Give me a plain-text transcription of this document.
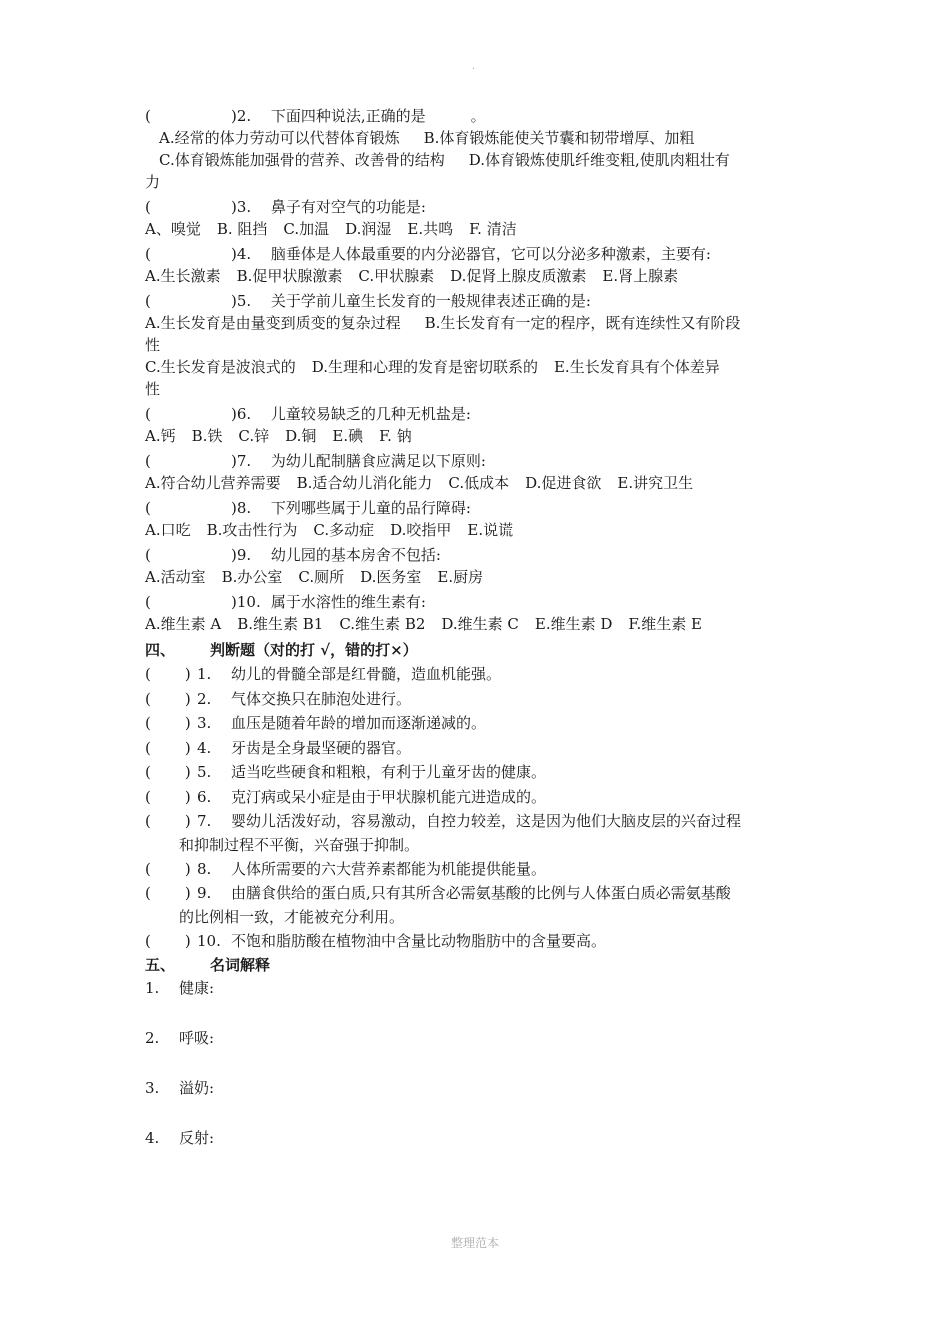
.
(	)2. 下面四种说法,正确的是　　　。
A.经常的体力劳动可以代替体育锻炼 B.体育锻炼能使关节囊和韧带增厚、加粗
C.体育锻炼能加强骨的营养、改善骨的结构 D.体育锻炼使肌纤维变粗,使肌肉粗壮有
力
(	)3. 鼻子有对空气的功能是:
A、嗅觉 B. 阻挡 C.加温 D.润湿 E.共鸣 F. 清洁
(	)4. 脑垂体是人体最重要的内分泌器官，它可以分泌多种激素，主要有:
A.生长激素 B.促甲状腺激素 C.甲状腺素 D.促肾上腺皮质激素 E.肾上腺素
(	)5. 关于学前儿童生长发育的一般规律表述正确的是:
A.生长发育是由量变到质变的复杂过程 B.生长发育有一定的程序，既有连续性又有阶段
性
C.生长发育是波浪式的 D.生理和心理的发育是密切联系的 E.生长发育具有个体差异
性
(	)6. 儿童较易缺乏的几种无机盐是:
A.钙 B.铁 C.锌 D.铜 E.碘 F. 钠
(	)7. 为幼儿配制膳食应满足以下原则:
A.符合幼儿营养需要 B.适合幼儿消化能力 C.低成本 D.促进食欲 E.讲究卫生
(	)8. 下列哪些属于儿童的品行障碍:
A.口吃 B.攻击性行为 C.多动症 D.咬指甲 E.说谎
(	)9. 幼儿园的基本房舍不包括:
A.活动室 B.办公室 C.厕所 D.医务室 E.厨房
(	)10. 属于水溶性的维生素有:
A.维生素 A B.维生素 B1 C.维生素 B2 D.维生素 C E.维生素 D F.维生素 E
四、 判断题（对的打 √，错的打×）
( ) 1. 幼儿的骨髓全部是红骨髓，造血机能强。
( ) 2. 气体交换只在肺泡处进行。
( ) 3. 血压是随着年龄的增加而逐渐递减的。
( ) 4. 牙齿是全身最坚硬的器官。
( ) 5. 适当吃些硬食和粗粮，有利于儿童牙齿的健康。
( ) 6. 克汀病或呆小症是由于甲状腺机能亢进造成的。
( ) 7. 婴幼儿活泼好动，容易激动，自控力较差，这是因为他们大脑皮层的兴奋过程
和抑制过程不平衡，兴奋强于抑制。
( ) 8. 人体所需要的六大营养素都能为机能提供能量。
( ) 9. 由膳食供给的蛋白质,只有其所含必需氨基酸的比例与人体蛋白质必需氨基酸
的比例相一致，才能被充分利用。
( ) 10. 不饱和脂肪酸在植物油中含量比动物脂肪中的含量要高。
五、 名词解释
1. 健康:
2. 呼吸:
3. 溢奶:
4. 反射:
整理范本
